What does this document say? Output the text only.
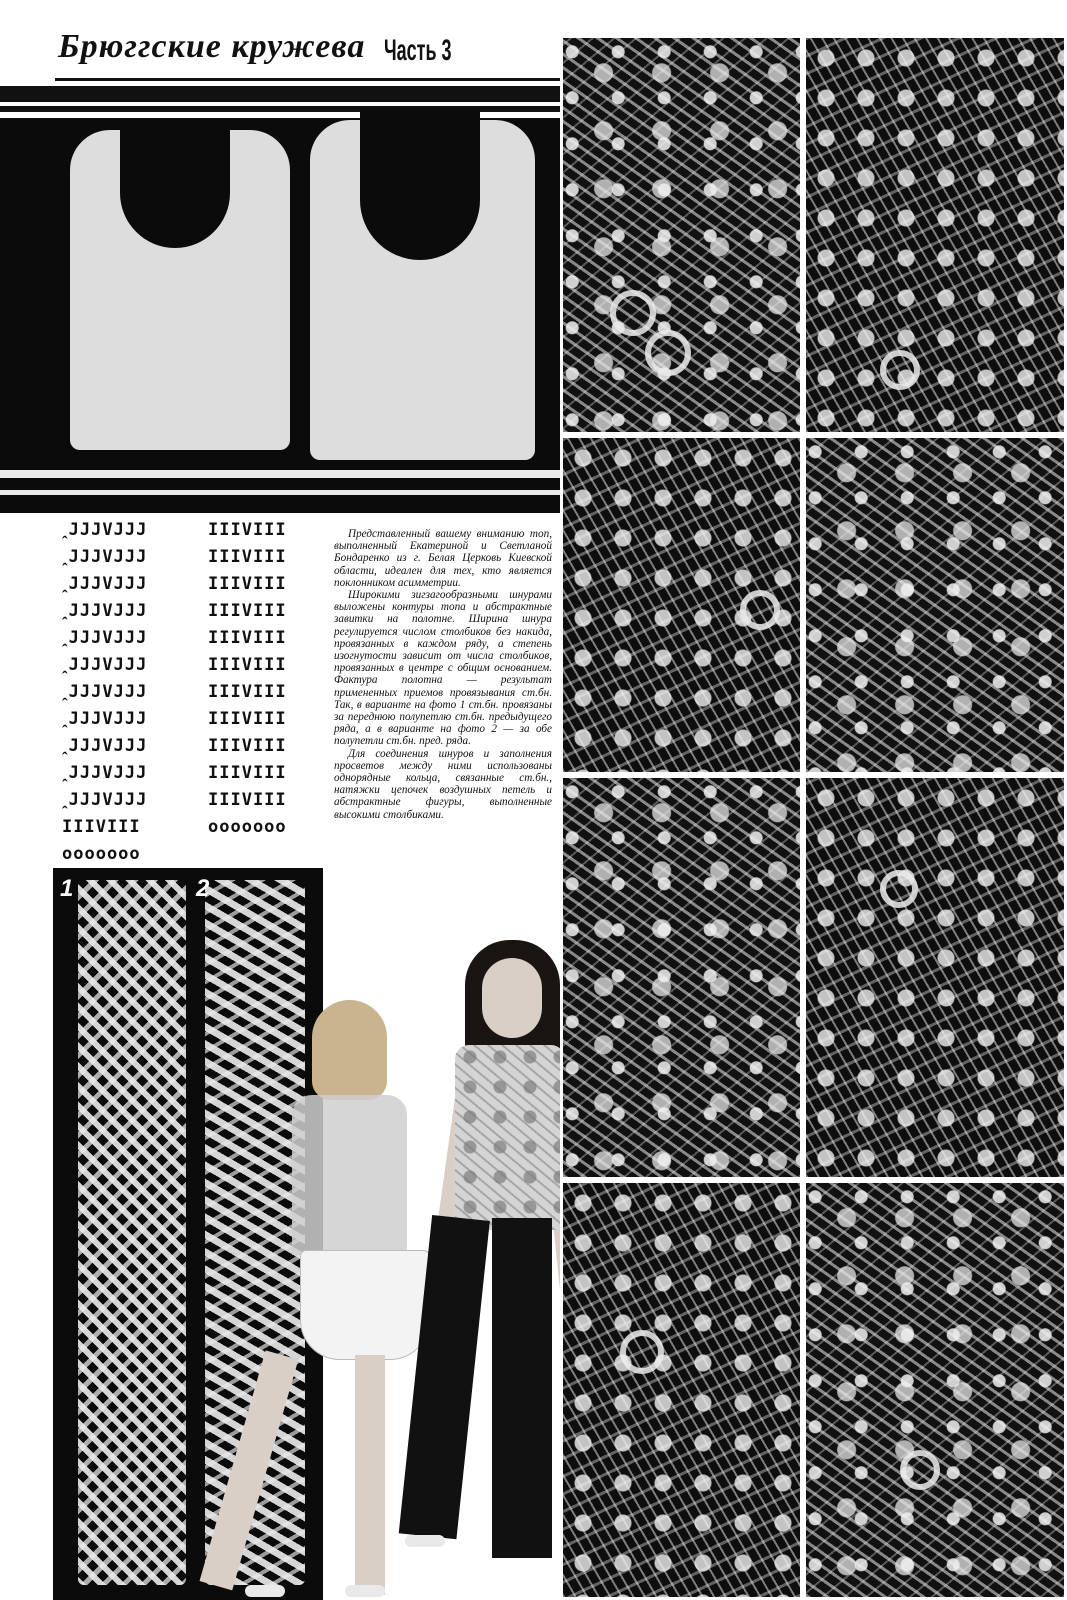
Брюггские кружева Часть 3
ꞈJJJVJJJ
ꞈJJJVJJJ
ꞈJJJVJJJ
ꞈJJJVJJJ
ꞈJJJVJJJ
ꞈJJJVJJJ
ꞈJJJVJJJ
ꞈJJJVJJJ
ꞈJJJVJJJ
ꞈJJJVJJJ
ꞈJJJVJJJ
IIIVIII
ooooooo
IIIVIII
IIIVIII
IIIVIII
IIIVIII
IIIVIII
IIIVIII
IIIVIII
IIIVIII
IIIVIII
IIIVIII
IIIVIII
ooooooo

Представленный вашему вниманию топ, выполненный Екатериной и Светланой Бондаренко из г. Белая Церковь Киевской области, идеален для тех, кто является поклонником асимметрии.

Широкими зигзагообразными шнурами выложены контуры топа и абстрактные завитки на полотне. Ширина шнура регулируется числом столбиков без накида, провязанных в каждом ряду, а степень изогнутости зависит от числа столбиков, провязанных в центре с общим основанием. Фактура полотна — результат примененных приемов провязывания ст.бн. Так, в варианте на фото 1 ст.бн. провязаны за переднюю полупетлю ст.бн. предыдущего ряда, а в варианте на фото 2 — за обе полупетли ст.бн. пред. ряда.

Для соединения шнуров и заполнения просветов между ними использованы однорядные кольца, связанные ст.бн., натяжки цепочек воздушных петель и абстрактные фигуры, выполненные высокими столбиками.

1	2
